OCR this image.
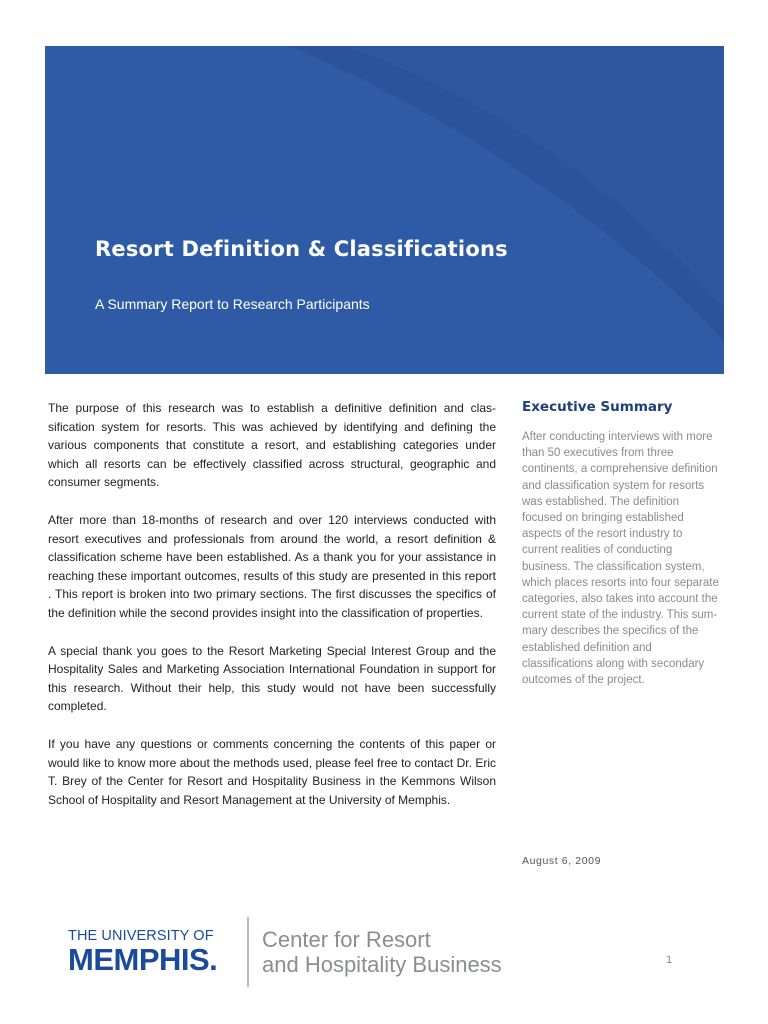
Resort Definition & Classifications
A Summary Report to Research Participants

The purpose of this research was to establish a definitive definition and classification system for resorts. This was achieved by identifying and defining the various components that constitute a resort, and establishing categories under which all resorts can be effectively classified across structural, geographic and consumer segments.

After more than 18-months of research and over 120 interviews conducted with resort executives and professionals from around the world, a resort definition & classification scheme have been established. As a thank you for your assistance in reaching these important outcomes, results of this study are presented in this report . This report is broken into two primary sections. The first discusses the specifics of the definition while the second provides insight into the classification of properties.

A special thank you goes to the Resort Marketing Special Interest Group and the Hospitality Sales and Marketing Association International Foundation in support for this research. Without their help, this study would not have been successfully completed.

If you have any questions or comments concerning the contents of this paper or would like to know more about the methods used, please feel free to contact Dr. Eric T. Brey of the Center for Resort and Hospitality Business in the Kemmons Wilson School of Hospitality and Resort Management at the University of Memphis.

Executive Summary

After conducting interviews with more than 50 executives from three continents, a comprehensive definition and classification system for resorts was established. The definition focused on bringing established aspects of the resort industry to current realities of conducting business. The classification system, which places resorts into four separate categories, also takes into account the current state of the industry. This summary describes the specifics of the established definition and classifications along with secondary outcomes of the project.

August 6, 2009
THE UNIVERSITY OF
MEMPHIS.
Center for Resort
and Hospitality Business	1
